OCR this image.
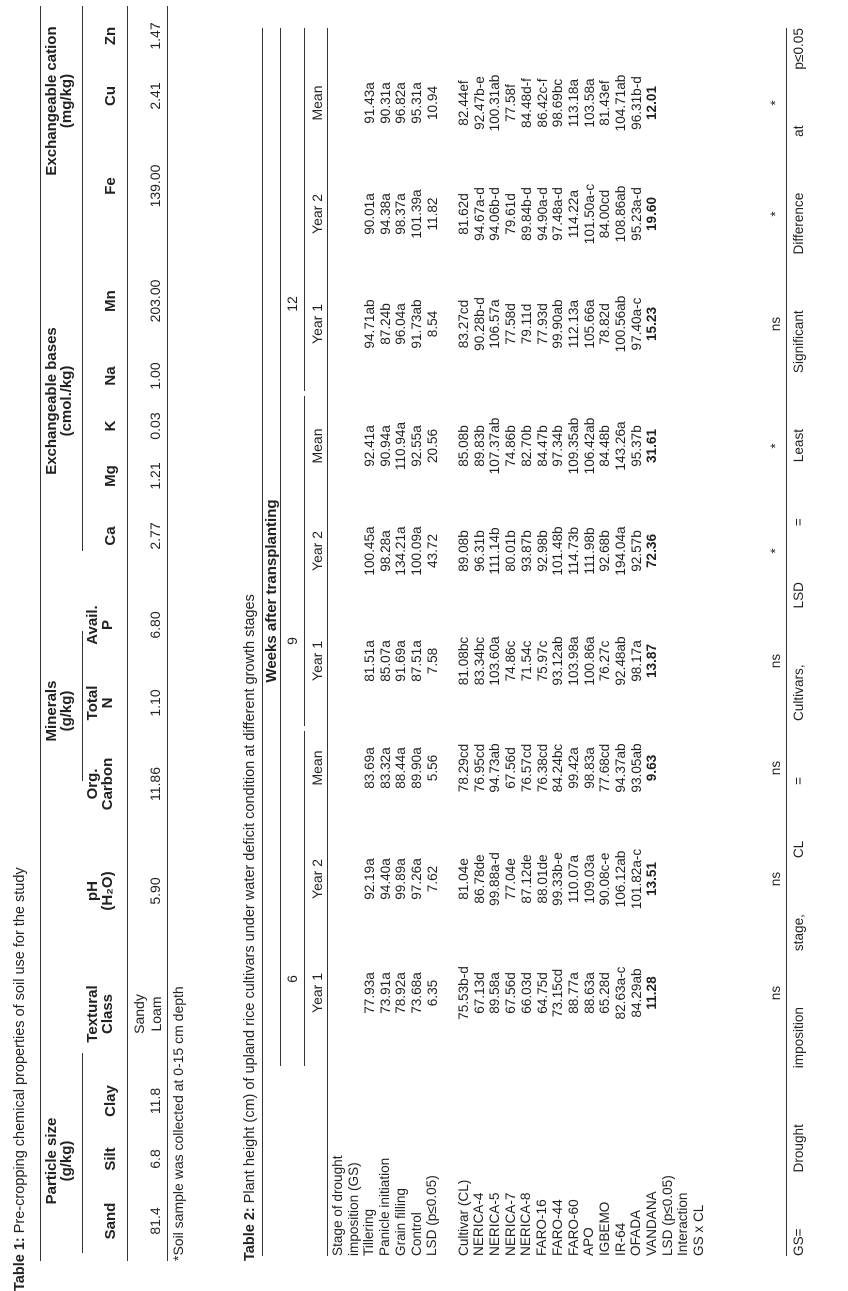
Table 1: Pre-cropping chemical properties of soil use for the study Particle size
(g/kg)
Minerals
(g/kg)
Exchangeable bases
(cmol./kg)
Exchangeable cation
(mg/kg)
Sand
Silt
Clay
Textural
Class
pH
(H₂O)
Org.
Carbon
Total
N
Avail.
P
Ca
Mg
K
Na
Mn
Fe
Cu
Zn
81.4
6.8
11.8
Sandy
Loam
5.90
11.86
1.10
6.80
2.77
1.21
0.03
1.00
203.00
139.00
2.41
1.47
*Soil sample was collected at 0-15 cm depth	Table 2: Plant height (cm) of upland rice cultivars under water deficit condition at different growth stages
Weeks after transplanting
6
9
12
Year 1
Year 2
Mean
Year 1
Year 2
Mean
Year 1
Year 2
Mean
Stage of drought imposition (GS) Tillering Panicle initiation Grain filling Control LSD (p≤0.05) Cultivar (CL) NERICA-4 NERICA-5 NERICA-7 NERICA-8 FARO-16 FARO-44 FARO-60 APO IGBEMO IR-64 OFADA VANDANA LSD (p≤0.05) Interaction GS x CL
77.93a 73.91a 78.92a 73.68a 6.35
92.19a 94.40a 99.89a 97.26a 7.62
83.69a 83.32a 88.44a 89.90a 5.56
81.51a 85.07a 91.69a 87.51a 7.58
100.45a 98.28a 134.21a 100.09a 43.72
92.41a 90.94a 110.94a 92.55a 20.56
94.71ab 87.24b 96.04a 91.73ab 8.54
90.01a 94.38a 98.37a 101.39a 11.82
91.43a 90.31a 96.82a 95.31a 10.94
75.53b-d 67.13d 89.58a 67.56d 66.03d 64.75d 73.15cd 88.77a 88.63a 65.28d 82.63a-c 84.29ab 11.28
81.04e 86.78de 99.88a-d 77.04e 87.12de 88.01de 99.33b-e 110.07a 109.03a 90.08c-e 106.12ab 101.82a-c 13.51
78.29cd 76.95cd 94.73ab 67.56d 76.57cd 76.38cd 84.24bc 99.42a 98.83a 77.68cd 94.37ab 93.05ab 9.63
81.08bc 83.34bc 103.60a 74.86c 71.54c 75.97c 93.12ab 103.98a 100.86a 76.27c 92.48ab 98.17a 13.87
89.08b 96.31b 111.14b 80.01b 93.87b 92.98b 101.48b 114.73b 111.98b 92.68b 194.04a 92.57b 72.36
85.08b 89.83b 107.37ab 74.86b 82.70b 84.47b 97.34b 109.35ab 106.42ab 84.48b 143.26a 95.37b 31.61
83.27cd 90.28b-d 106.57a 77.58d 79.11d 77.93d 99.90ab 112.13a 105.66a 78.82d 100.56ab 97.40a-c 15.23
81.62d 94.67a-d 94.06b-d 79.61d 89.84b-d 94.90a-d 97.48a-d 114.22a 101.50a-c 84.00cd 108.86ab 95.23a-d 19.60
82.44ef 92.47b-e 100.31ab 77.58f 84.48d-f 86.42c-f 98.69bc 113.18a 103.58a 81.43ef 104.71ab 96.31b-d 12.01
ns
ns
ns
ns
*
*
ns
*
*
GS=
Drought
imposition
stage,
CL
=
Cultivars,
LSD
=
Least
Significant
Difference
at
p≤0.05
